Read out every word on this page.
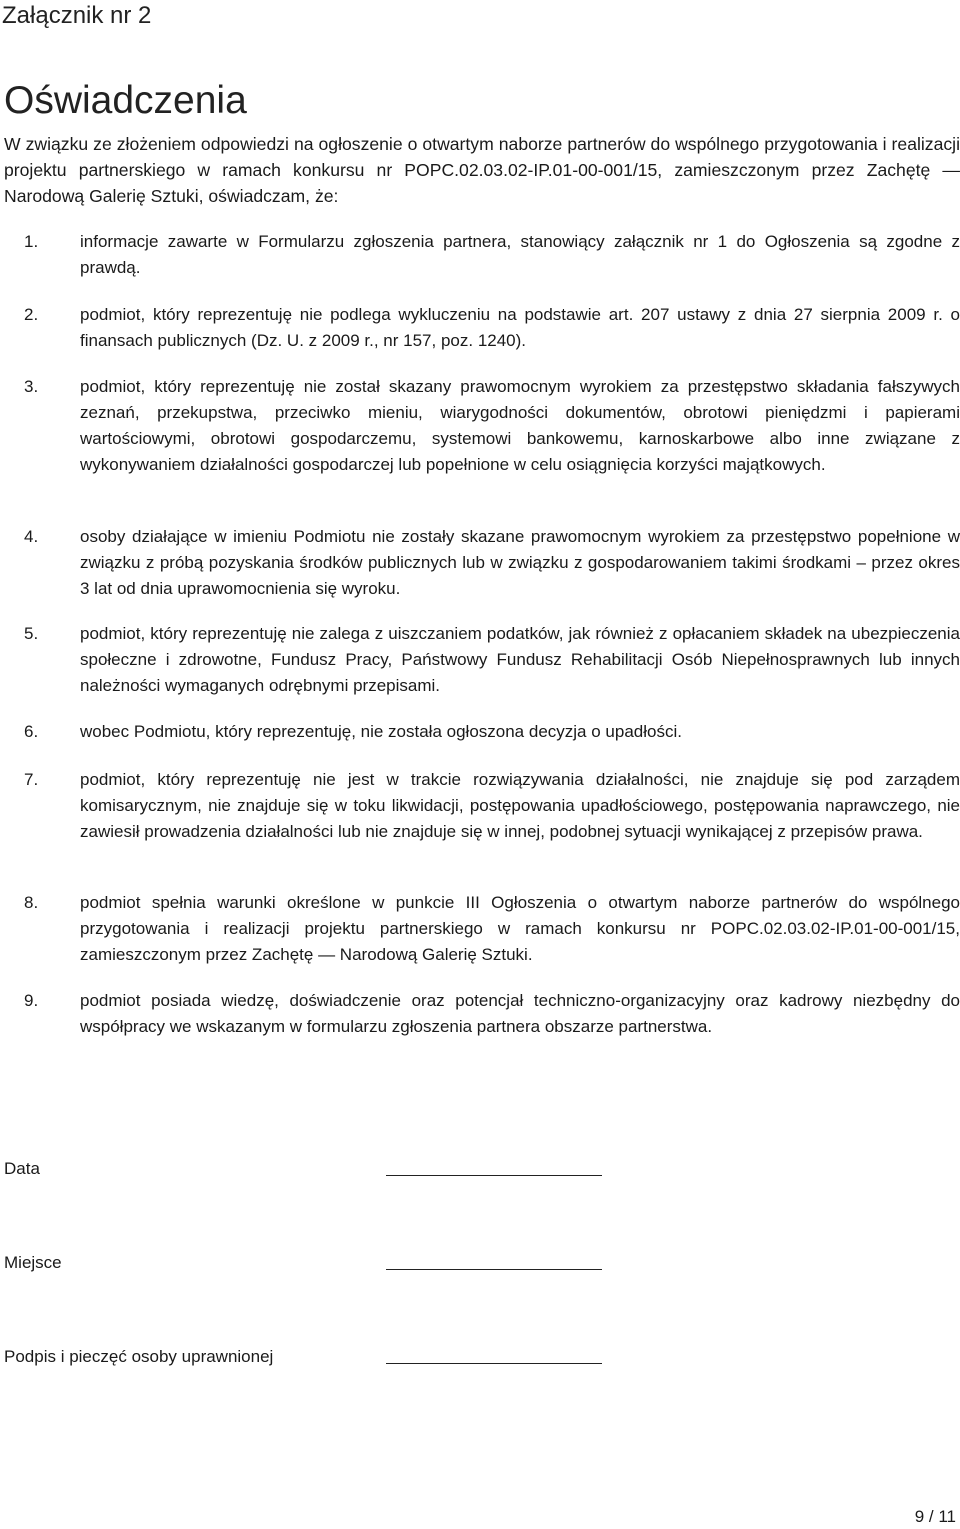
Załącznik nr 2
Oświadczenia
W związku ze złożeniem odpowiedzi na ogłoszenie o otwartym naborze partnerów do wspólnego przygotowania i realizacji projektu partnerskiego w ramach konkursu nr POPC.02.03.02-IP.01-00-001/15, zamieszczonym przez Zachętę — Narodową Galerię Sztuki, oświadczam, że:
1. informacje zawarte w Formularzu zgłoszenia partnera, stanowiący załącznik nr 1 do Ogłoszenia są zgodne z prawdą.
2. podmiot, który reprezentuję nie podlega wykluczeniu na podstawie art. 207 ustawy z dnia 27 sierpnia 2009 r. o finansach publicznych (Dz. U. z 2009 r., nr 157, poz. 1240).
3. podmiot, który reprezentuję nie został skazany prawomocnym wyrokiem za przestępstwo składania fałszywych zeznań, przekupstwa, przeciwko mieniu, wiarygodności dokumentów, obrotowi pieniędzmi i papierami wartościowymi, obrotowi gospodarczemu, systemowi bankowemu, karnoskarbowe albo inne związane z wykonywaniem działalności gospodarczej lub popełnione w celu osiągnięcia korzyści majątkowych.
4. osoby działające w imieniu Podmiotu nie zostały skazane prawomocnym wyrokiem za przestępstwo popełnione w związku z próbą pozyskania środków publicznych lub w związku z gospodarowaniem takimi środkami – przez okres 3 lat od dnia uprawomocnienia się wyroku.
5. podmiot, który reprezentuję nie zalega z uiszczaniem podatków, jak również z opłacaniem składek na ubezpieczenia społeczne i zdrowotne, Fundusz Pracy, Państwowy Fundusz Rehabilitacji Osób Niepełnosprawnych lub innych należności wymaganych odrębnymi przepisami.
6. wobec Podmiotu, który reprezentuję, nie została ogłoszona decyzja o upadłości.
7. podmiot, który reprezentuję nie jest w trakcie rozwiązywania działalności, nie znajduje się pod zarządem komisarycznym, nie znajduje się w toku likwidacji, postępowania upadłościowego, postępowania naprawczego, nie zawiesił prowadzenia działalności lub nie znajduje się w innej, podobnej sytuacji wynikającej z przepisów prawa.
8. podmiot spełnia warunki określone w punkcie III Ogłoszenia o otwartym naborze partnerów do wspólnego przygotowania i realizacji projektu partnerskiego w ramach konkursu nr POPC.02.03.02-IP.01-00-001/15, zamieszczonym przez Zachętę — Narodową Galerię Sztuki.
9. podmiot posiada wiedzę, doświadczenie oraz potencjał techniczno-organizacyjny oraz kadrowy niezbędny do współpracy we wskazanym w formularzu zgłoszenia partnera obszarze partnerstwa.
Data
Miejsce
Podpis i pieczęć osoby uprawnionej
9 / 11
